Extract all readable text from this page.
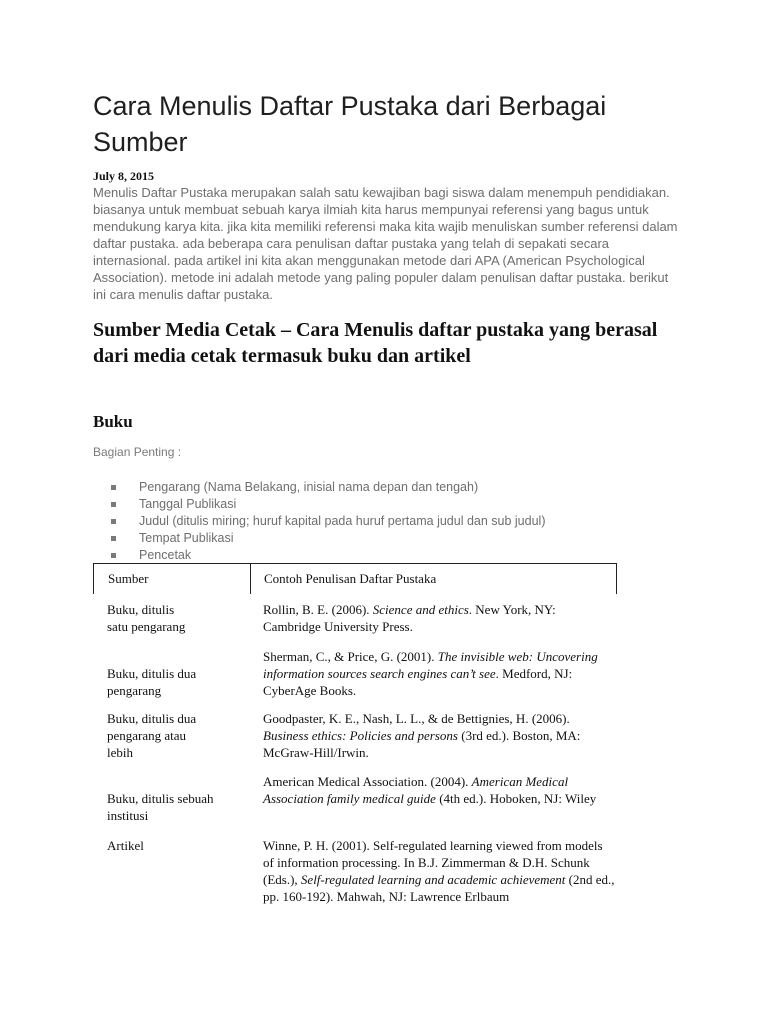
Cara Menulis Daftar Pustaka dari Berbagai Sumber
July 8, 2015

Menulis Daftar Pustaka merupakan salah satu kewajiban bagi siswa dalam menempuh pendidiakan. biasanya untuk membuat sebuah karya ilmiah kita harus mempunyai referensi yang bagus untuk mendukung karya kita. jika kita memiliki referensi maka kita wajib menuliskan sumber referensi dalam daftar pustaka. ada beberapa cara penulisan daftar pustaka yang telah di sepakati secara internasional. pada artikel ini kita akan menggunakan metode dari APA (American Psychological Association). metode ini adalah metode yang paling populer dalam penulisan daftar pustaka. berikut ini cara menulis daftar pustaka.

Sumber Media Cetak – Cara Menulis daftar pustaka yang berasal dari media cetak termasuk buku dan artikel
Buku
Bagian Penting :
Pengarang (Nama Belakang, inisial nama depan dan tengah)
Tanggal Publikasi
Judul (ditulis miring; huruf kapital pada huruf pertama judul dan sub judul)
Tempat Publikasi
Pencetak
Sumber	Contoh Penulisan Daftar Pustaka
Buku, ditulis
satu pengarang
Rollin, B. E. (2006). Science and ethics. New York, NY: Cambridge University Press.
Buku, ditulis dua
pengarang
Sherman, C., & Price, G. (2001). The invisible web: Uncovering information sources search engines can’t see. Medford, NJ: CyberAge Books.
Buku, ditulis dua
pengarang atau
lebih
Goodpaster, K. E., Nash, L. L., & de Bettignies, H. (2006). Business ethics: Policies and persons (3rd ed.). Boston, MA: McGraw-Hill/Irwin.
Buku, ditulis sebuah
institusi
American Medical Association. (2004). American Medical Association family medical guide (4th ed.). Hoboken, NJ: Wiley
Artikel	Winne, P. H. (2001). Self-regulated learning viewed from models of information processing. In B.J. Zimmerman & D.H. Schunk (Eds.), Self-regulated learning and academic achievement (2nd ed., pp. 160-192). Mahwah, NJ: Lawrence Erlbaum
